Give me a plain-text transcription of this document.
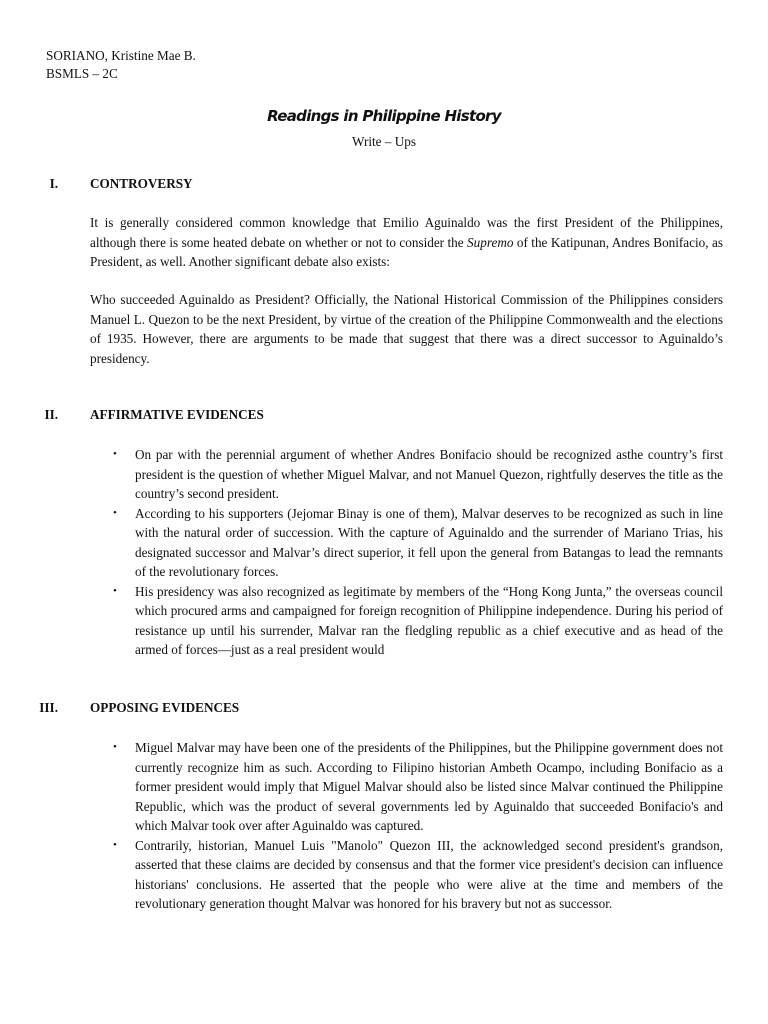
SORIANO, Kristine Mae B.
BSMLS – 2C
Readings in Philippine History
Write – Ups
I. CONTROVERSY

It is generally considered common knowledge that Emilio Aguinaldo was the first President of the Philippines, although there is some heated debate on whether or not to consider the Supremo of the Katipunan, Andres Bonifacio, as President, as well. Another significant debate also exists:

Who succeeded Aguinaldo as President? Officially, the National Historical Commission of the Philippines considers Manuel L. Quezon to be the next President, by virtue of the creation of the Philippine Commonwealth and the elections of 1935. However, there are arguments to be made that suggest that there was a direct successor to Aguinaldo’s presidency.

II. AFFIRMATIVE EVIDENCES
• On par with the perennial argument of whether Andres Bonifacio should be recognized asthe country’s first president is the question of whether Miguel Malvar, and not Manuel Quezon, rightfully deserves the title as the country’s second president.
• According to his supporters (Jejomar Binay is one of them), Malvar deserves to be recognized as such in line with the natural order of succession. With the capture of Aguinaldo and the surrender of Mariano Trias, his designated successor and Malvar’s direct superior, it fell upon the general from Batangas to lead the remnants of the revolutionary forces.
• His presidency was also recognized as legitimate by members of the “Hong Kong Junta,” the overseas council which procured arms and campaigned for foreign recognition of Philippine independence. During his period of resistance up until his surrender, Malvar ran the fledgling republic as a chief executive and as head of the armed of forces—just as a real president would
III. OPPOSING EVIDENCES
• Miguel Malvar may have been one of the presidents of the Philippines, but the Philippine government does not currently recognize him as such. According to Filipino historian Ambeth Ocampo, including Bonifacio as a former president would imply that Miguel Malvar should also be listed since Malvar continued the Philippine Republic, which was the product of several governments led by Aguinaldo that succeeded Bonifacio's and which Malvar took over after Aguinaldo was captured.
• Contrarily, historian, Manuel Luis "Manolo" Quezon III, the acknowledged second president's grandson, asserted that these claims are decided by consensus and that the former vice president's decision can influence historians' conclusions. He asserted that the people who were alive at the time and members of the revolutionary generation thought Malvar was honored for his bravery but not as successor.
